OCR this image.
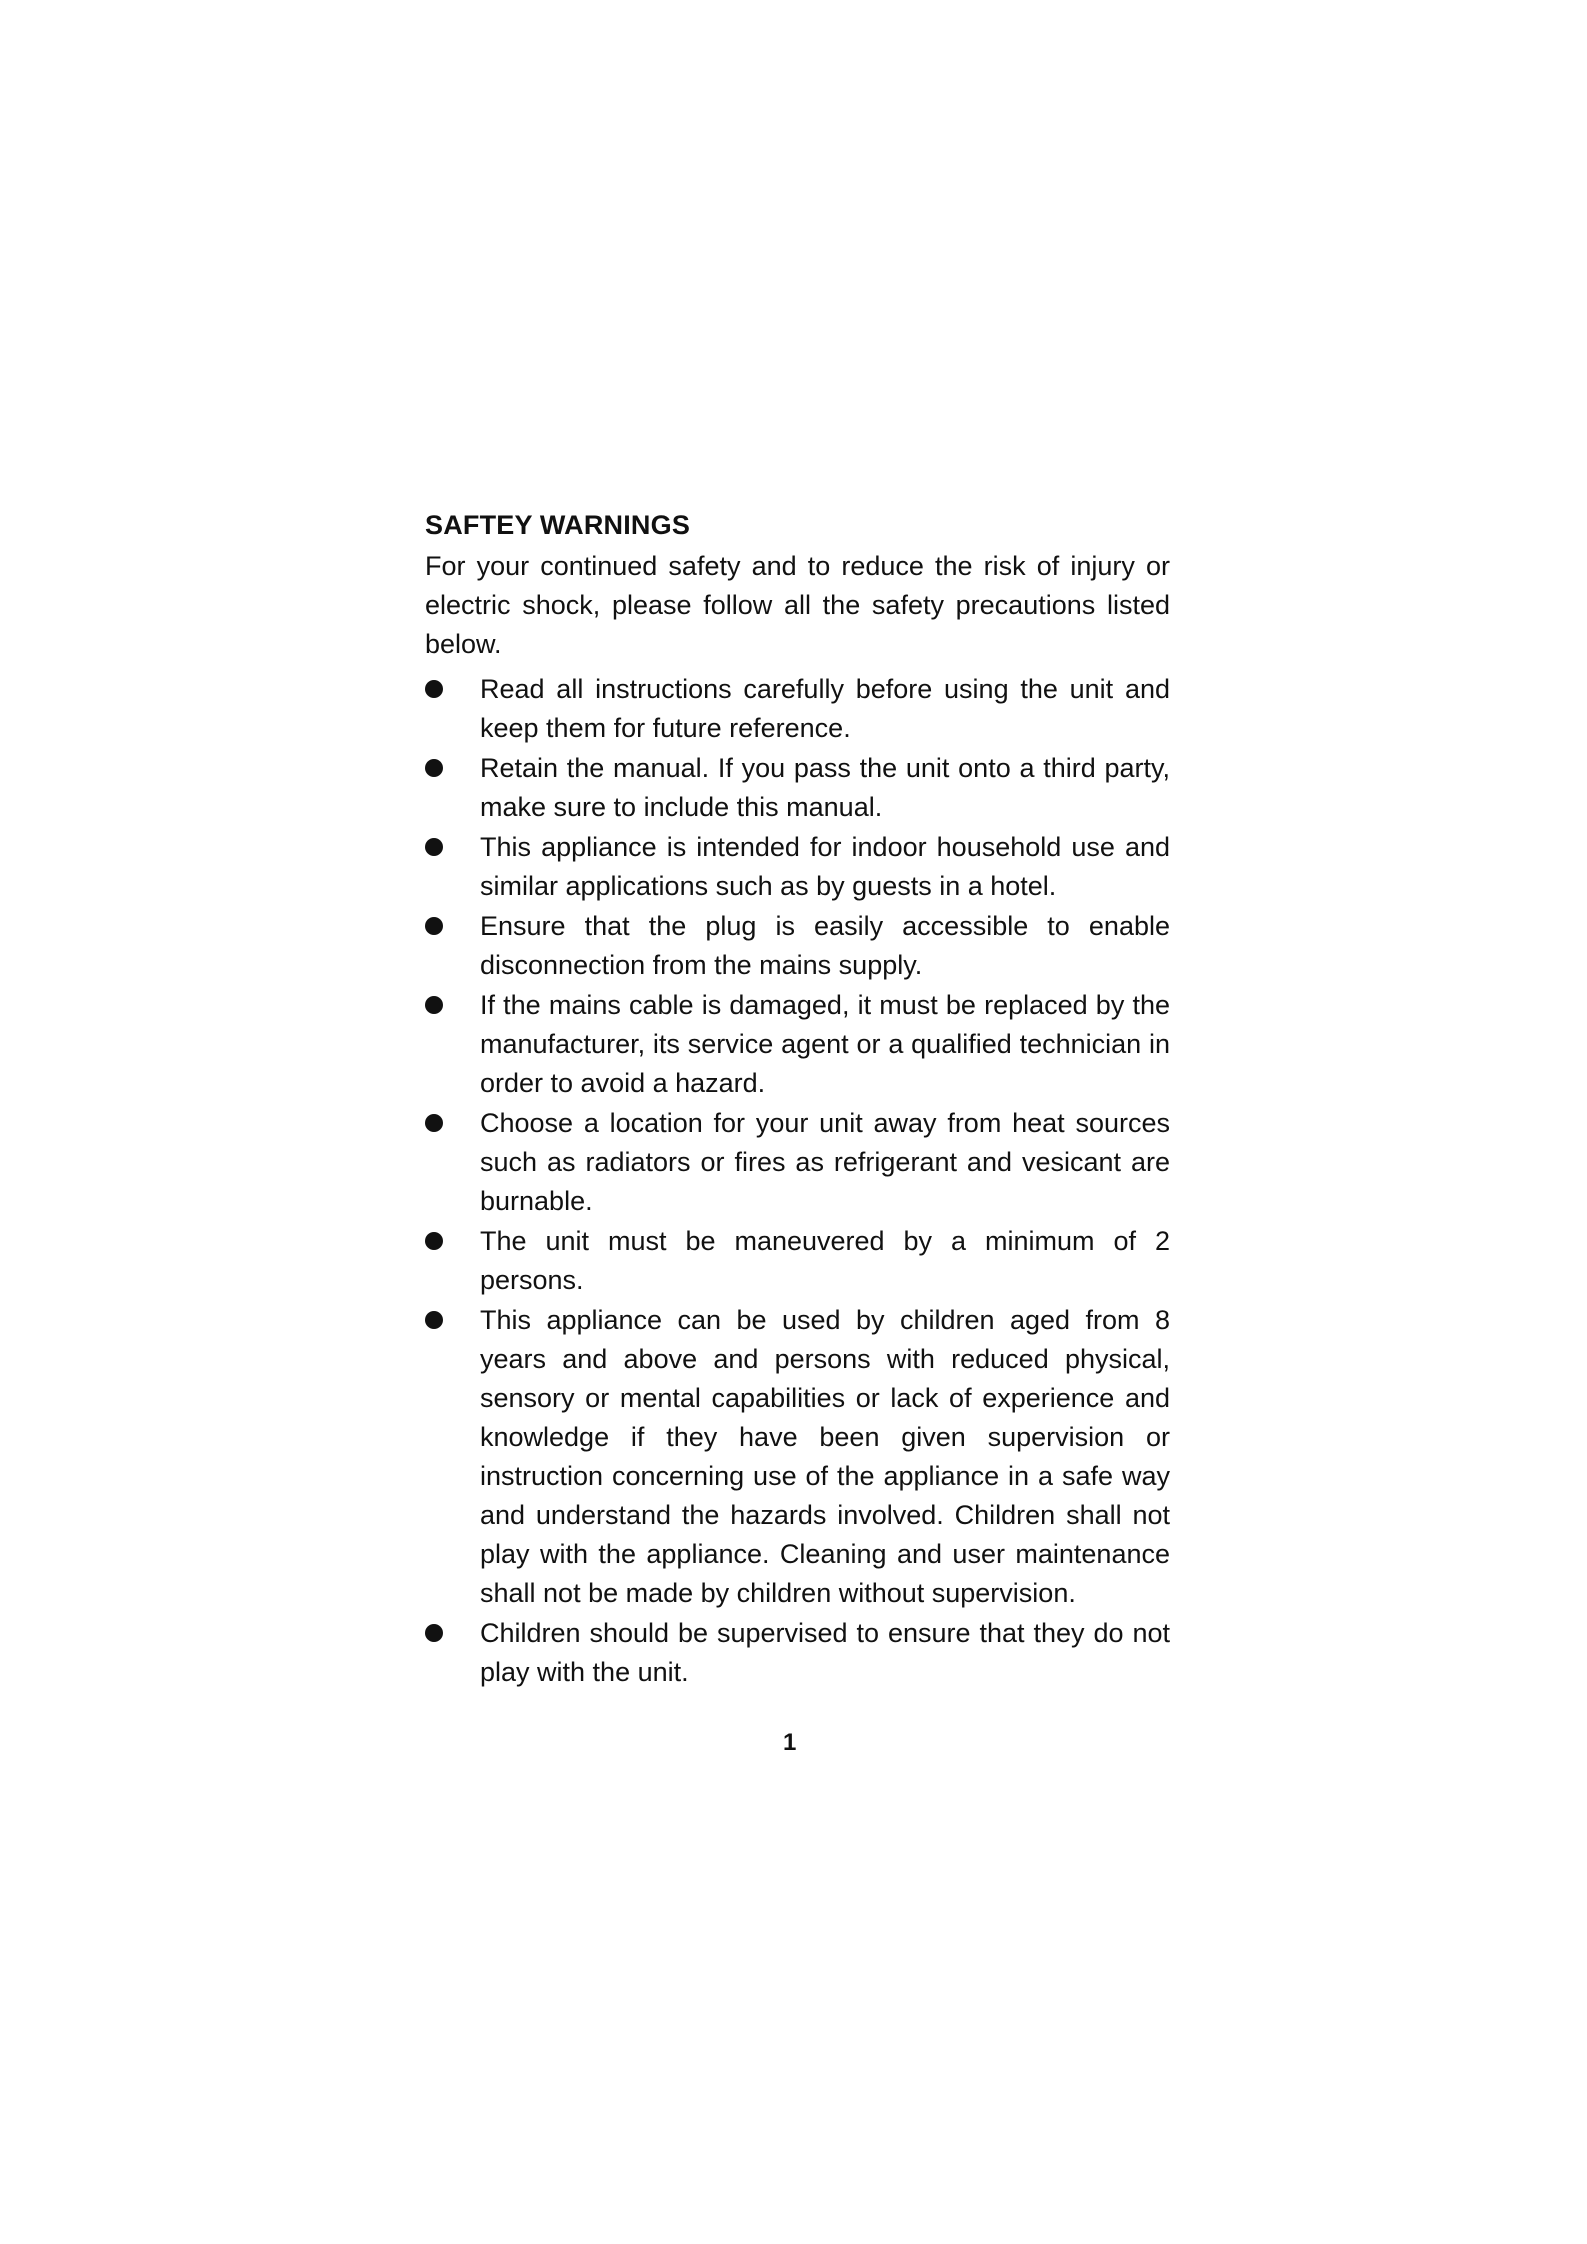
SAFTEY WARNINGS
For your continued safety and to reduce the risk of injury or electric shock, please follow all the safety precautions listed below.
Read all instructions carefully before using the unit and keep them for future reference.
Retain the manual. If you pass the unit onto a third party, make sure to include this manual.
This appliance is intended for indoor household use and similar applications such as by guests in a hotel.
Ensure that the plug is easily accessible to enable disconnection from the mains supply.
If the mains cable is damaged, it must be replaced by the manufacturer, its service agent or a qualified technician in order to avoid a hazard.
Choose a location for your unit away from heat sources such as radiators or fires as refrigerant and vesicant are burnable.
The unit must be maneuvered by a minimum of 2 persons.
This appliance can be used by children aged from 8 years and above and persons with reduced physical, sensory or mental capabilities or lack of experience and knowledge if they have been given supervision or instruction concerning use of the appliance in a safe way and understand the hazards involved. Children shall not play with the appliance. Cleaning and user maintenance shall not be made by children without supervision.
Children should be supervised to ensure that they do not play with the unit.
1
